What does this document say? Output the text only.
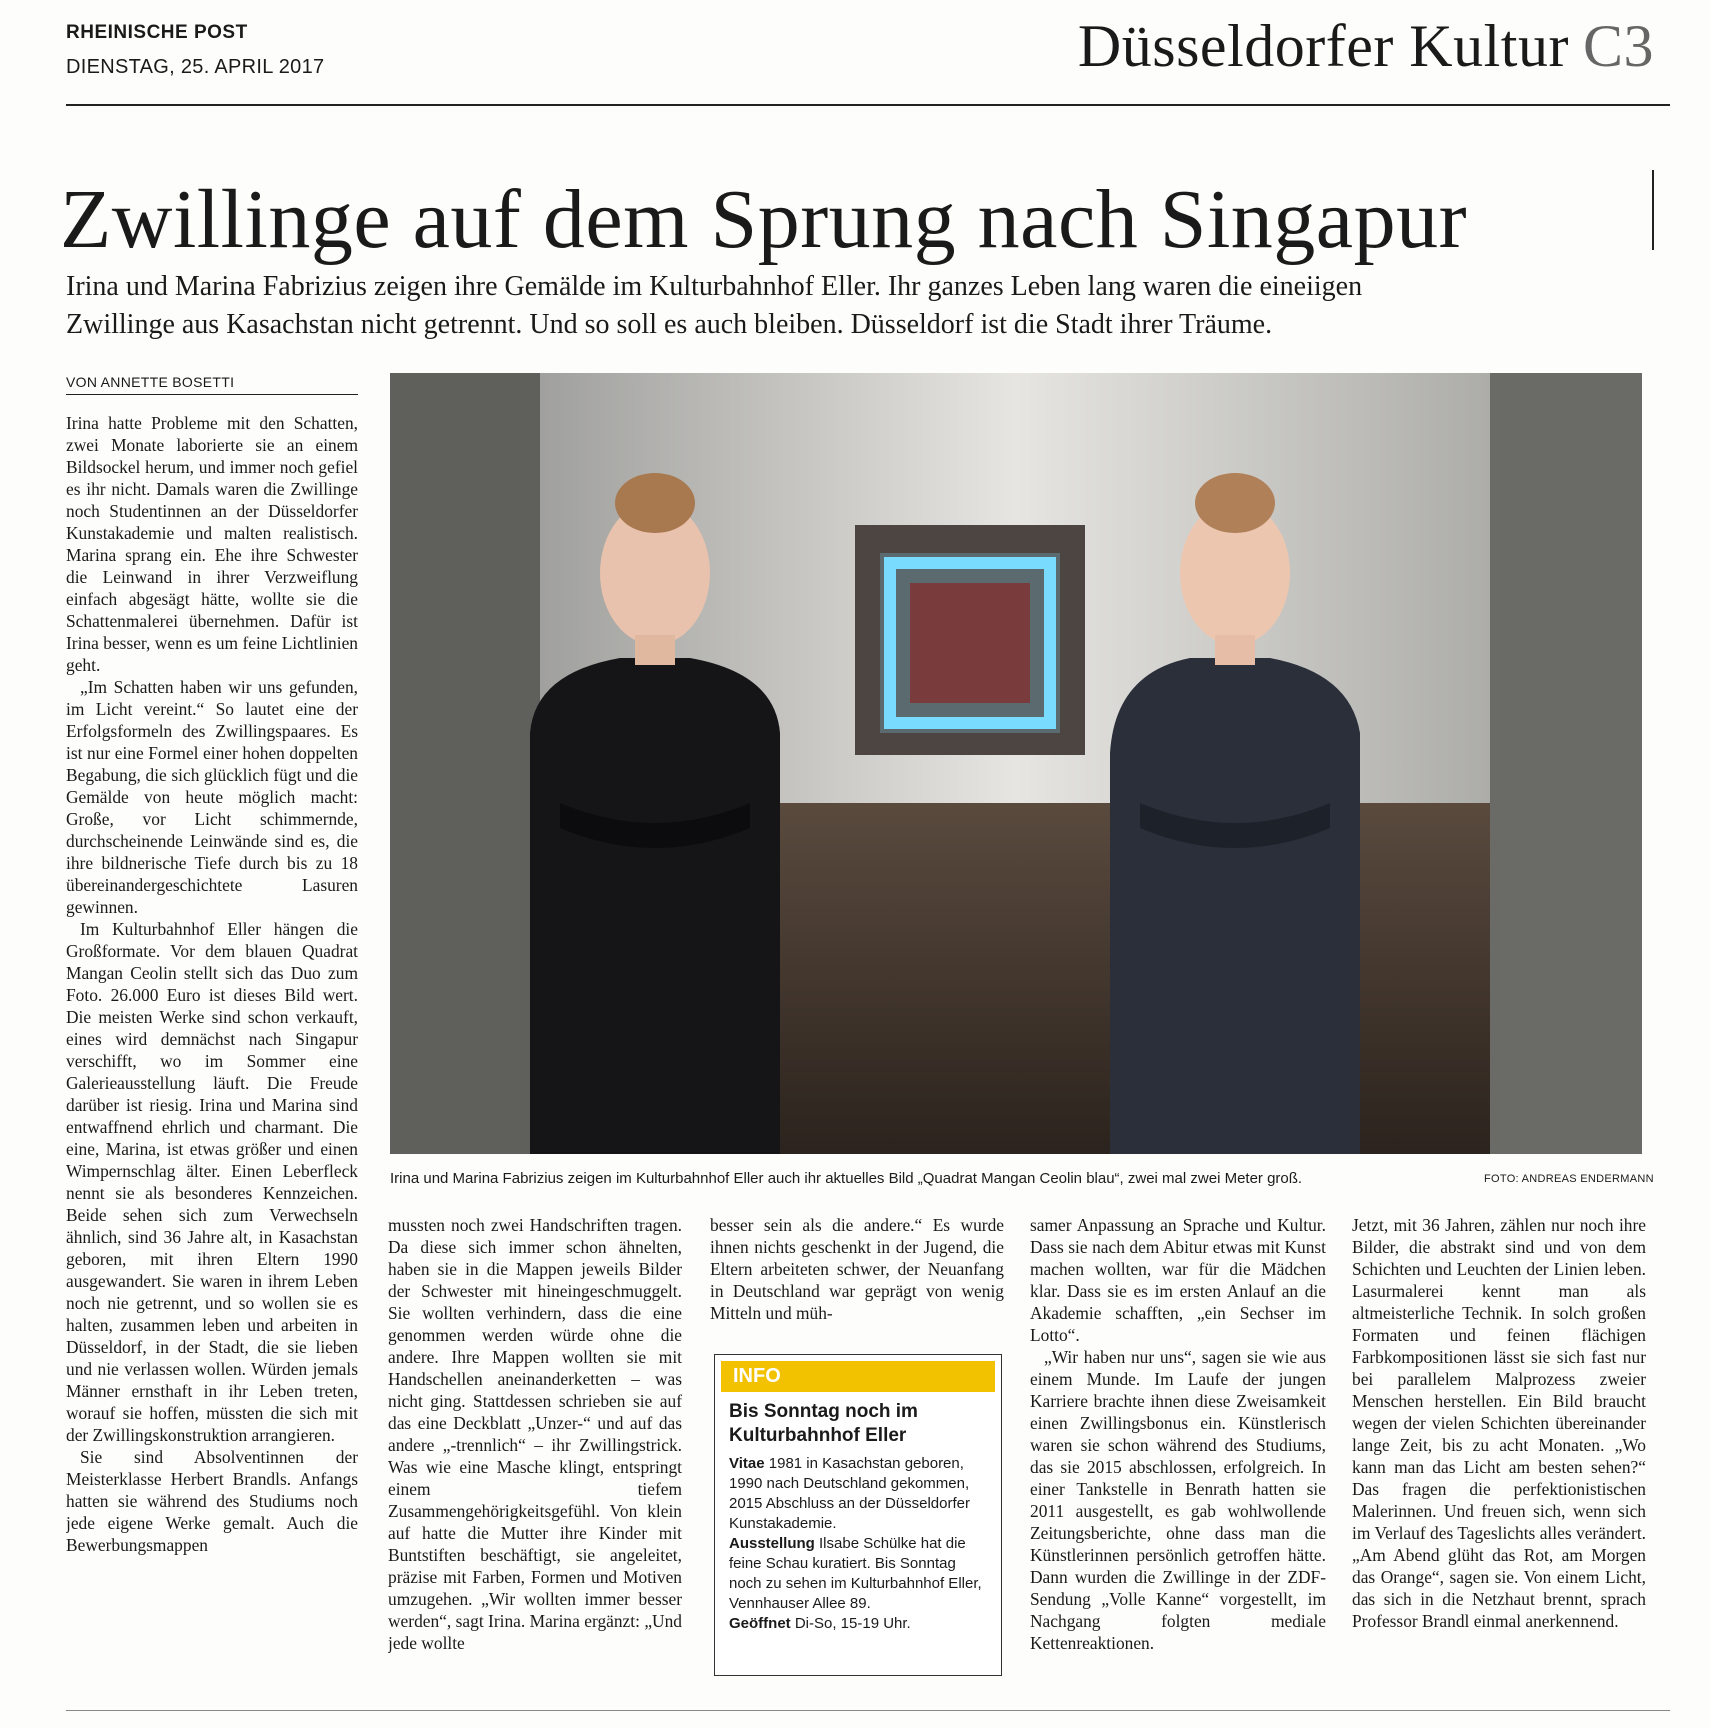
RHEINISCHE POST
DIENSTAG, 25. APRIL 2017	Düsseldorfer Kultur C3
Zwillinge auf dem Sprung nach Singapur
Irina und Marina Fabrizius zeigen ihre Gemälde im Kulturbahnhof Eller. Ihr ganzes Leben lang waren die eineiigen
Zwillinge aus Kasachstan nicht getrennt. Und so soll es auch bleiben. Düsseldorf ist die Stadt ihrer Träume.
VON ANNETTE BOSETTI

Irina hatte Probleme mit den Schatten, zwei Monate laborierte sie an einem Bildsockel herum, und immer noch gefiel es ihr nicht. Damals waren die Zwillinge noch Studentinnen an der Düsseldorfer Kunstakademie und malten realistisch. Marina sprang ein. Ehe ihre Schwester die Leinwand in ihrer Verzweiflung einfach abgesägt hätte, wollte sie die Schattenmalerei übernehmen. Dafür ist Irina besser, wenn es um feine Lichtlinien geht.

„Im Schatten haben wir uns gefunden, im Licht vereint.“ So lautet eine der Erfolgsformeln des Zwillingspaares. Es ist nur eine Formel einer hohen doppelten Begabung, die sich glücklich fügt und die Gemälde von heute möglich macht: Große, vor Licht schimmernde, durchscheinende Leinwände sind es, die ihre bildnerische Tiefe durch bis zu 18 übereinandergeschichtete Lasuren gewinnen.

Im Kulturbahnhof Eller hängen die Großformate. Vor dem blauen Quadrat Mangan Ceolin stellt sich das Duo zum Foto. 26.000 Euro ist dieses Bild wert. Die meisten Werke sind schon verkauft, eines wird demnächst nach Singapur verschifft, wo im Sommer eine Galerieausstellung läuft. Die Freude darüber ist riesig. Irina und Marina sind entwaffnend ehrlich und charmant. Die eine, Marina, ist etwas größer und einen Wimpernschlag älter. Einen Leberfleck nennt sie als besonderes Kennzeichen. Beide sehen sich zum Verwechseln ähnlich, sind 36 Jahre alt, in Kasachstan geboren, mit ihren Eltern 1990 ausgewandert. Sie waren in ihrem Leben noch nie getrennt, und so wollen sie es halten, zusammen leben und arbeiten in Düsseldorf, in der Stadt, die sie lieben und nie verlassen wollen. Würden jemals Männer ernsthaft in ihr Leben treten, worauf sie hoffen, müssten die sich mit der Zwillingskonstruktion arrangieren.

Sie sind Absolventinnen der Meisterklasse Herbert Brandls. Anfangs hatten sie während des Studiums noch jede eigene Werke gemalt. Auch die Bewerbungsmappen

Irina und Marina Fabrizius zeigen im Kulturbahnhof Eller auch ihr aktuelles Bild „Quadrat Mangan Ceolin blau“, zwei mal zwei Meter groß.	FOTO: ANDREAS ENDERMANN

mussten noch zwei Handschriften tragen. Da diese sich immer schon ähnelten, haben sie in die Mappen jeweils Bilder der Schwester mit hineingeschmuggelt. Sie wollten verhindern, dass die eine genommen werden würde ohne die andere. Ihre Mappen wollten sie mit Handschellen aneinanderketten – was nicht ging. Stattdessen schrieben sie auf das eine Deckblatt „Unzer-“ und auf das andere „-trennlich“ – ihr Zwillingstrick. Was wie eine Masche klingt, entspringt einem tiefem Zusammengehörigkeitsgefühl. Von klein auf hatte die Mutter ihre Kinder mit Buntstiften beschäftigt, sie angeleitet, präzise mit Farben, Formen und Motiven umzugehen. „Wir wollten immer besser werden“, sagt Irina. Marina ergänzt: „Und jede wollte

besser sein als die andere.“ Es wurde ihnen nichts geschenkt in der Jugend, die Eltern arbeiteten schwer, der Neuanfang in Deutschland war geprägt von wenig Mitteln und müh-

INFO
Bis Sonntag noch im Kulturbahnhof Eller

Vitae 1981 in Kasachstan geboren, 1990 nach Deutschland gekommen, 2015 Abschluss an der Düsseldorfer Kunstakademie.

Ausstellung Ilsabe Schülke hat die feine Schau kuratiert. Bis Sonntag noch zu sehen im Kulturbahnhof Eller, Vennhauser Allee 89.

Geöffnet Di-So, 15-19 Uhr.

samer Anpassung an Sprache und Kultur. Dass sie nach dem Abitur etwas mit Kunst machen wollten, war für die Mädchen klar. Dass sie es im ersten Anlauf an die Akademie schafften, „ein Sechser im Lotto“.

„Wir haben nur uns“, sagen sie wie aus einem Munde. Im Laufe der jungen Karriere brachte ihnen diese Zweisamkeit einen Zwillingsbonus ein. Künstlerisch waren sie schon während des Studiums, das sie 2015 abschlossen, erfolgreich. In einer Tankstelle in Benrath hatten sie 2011 ausgestellt, es gab wohlwollende Zeitungsberichte, ohne dass man die Künstlerinnen persönlich getroffen hätte. Dann wurden die Zwillinge in der ZDF-Sendung „Volle Kanne“ vorgestellt, im Nachgang folgten mediale Kettenreaktionen.

Jetzt, mit 36 Jahren, zählen nur noch ihre Bilder, die abstrakt sind und von dem Schichten und Leuchten der Linien leben. Lasurmalerei kennt man als altmeisterliche Technik. In solch großen Formaten und feinen flächigen Farbkompositionen lässt sie sich fast nur bei parallelem Malprozess zweier Menschen herstellen. Ein Bild braucht wegen der vielen Schichten übereinander lange Zeit, bis zu acht Monaten. „Wo kann man das Licht am besten sehen?“ Das fragen die perfektionistischen Malerinnen. Und freuen sich, wenn sich im Verlauf des Tageslichts alles verändert. „Am Abend glüht das Rot, am Morgen das Orange“, sagen sie. Von einem Licht, das sich in die Netzhaut brennt, sprach Professor Brandl einmal anerkennend.
